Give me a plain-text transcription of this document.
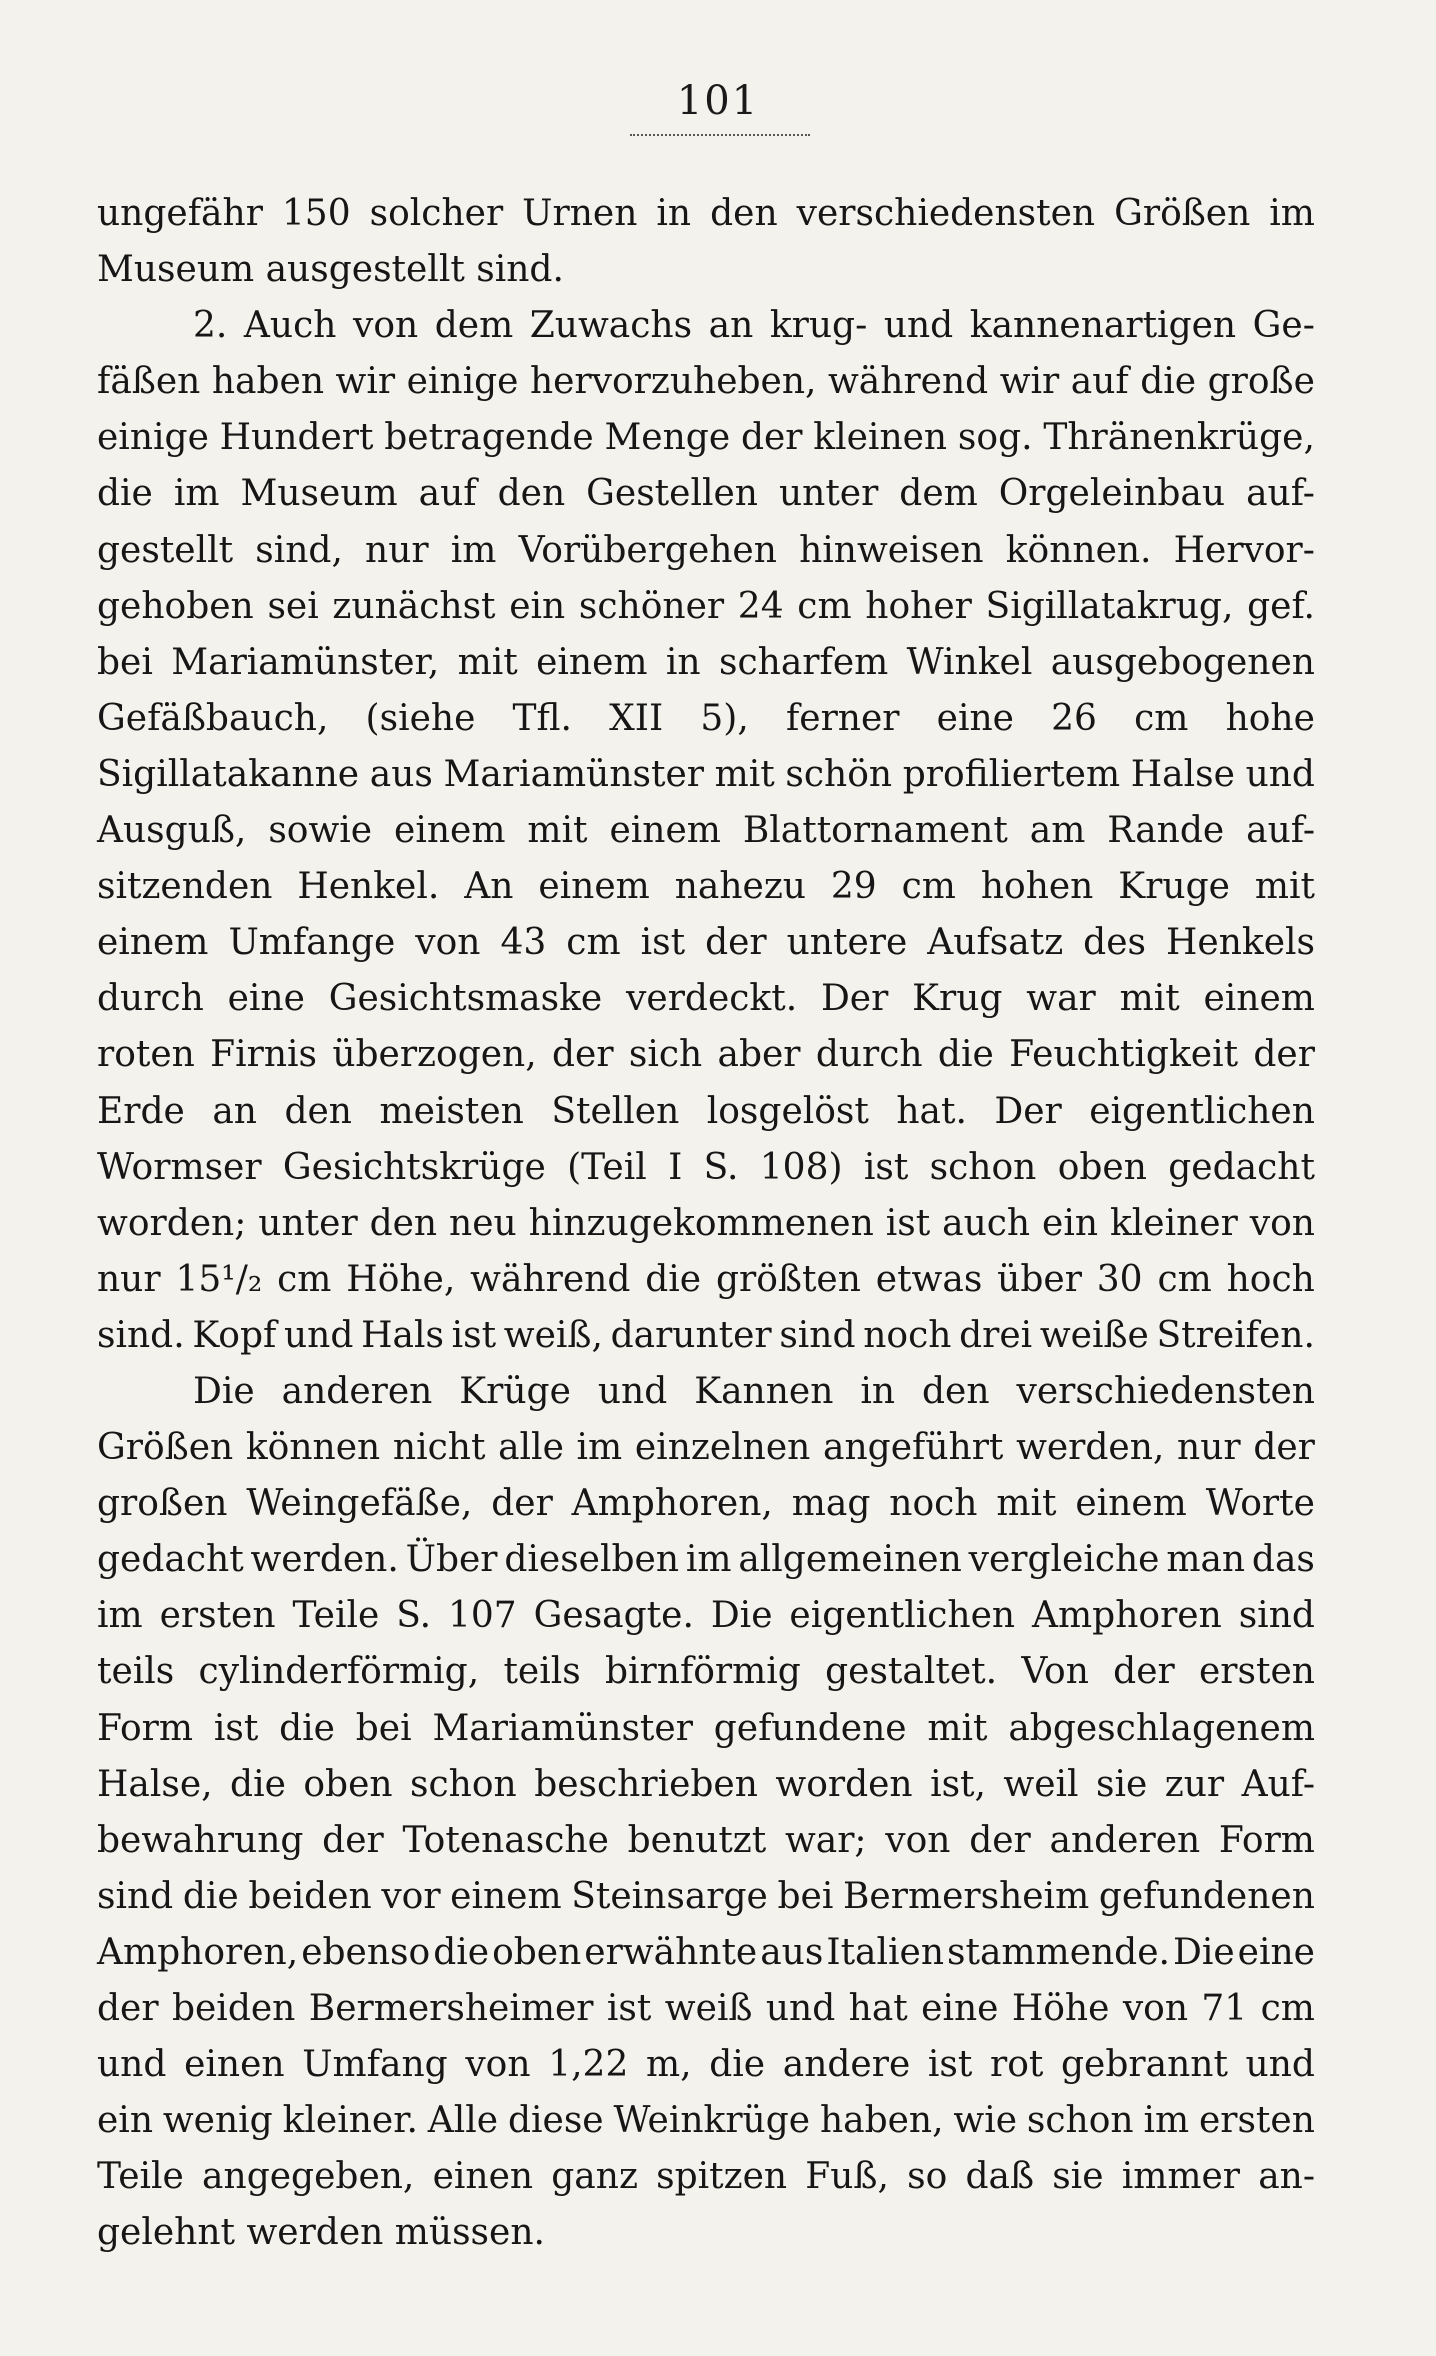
101
ungefähr 150 solcher Urnen in den verschiedensten Größen im
Museum ausgestellt sind.
2. Auch von dem Zuwachs an krug- und kannenartigen Ge-
fäßen haben wir einige hervorzuheben, während wir auf die große
einige Hundert betragende Menge der kleinen sog. Thränenkrüge,
die im Museum auf den Gestellen unter dem Orgeleinbau auf-
gestellt sind, nur im Vorübergehen hinweisen können. Hervor-
gehoben sei zunächst ein schöner 24 cm hoher Sigillatakrug, gef.
bei Mariamünster, mit einem in scharfem Winkel ausgebogenen
Gefäßbauch, (siehe Tfl. XII 5), ferner eine 26 cm hohe
Sigillatakanne aus Mariamünster mit schön profiliertem Halse und
Ausguß, sowie einem mit einem Blattornament am Rande auf-
sitzenden Henkel. An einem nahezu 29 cm hohen Kruge mit
einem Umfange von 43 cm ist der untere Aufsatz des Henkels
durch eine Gesichtsmaske verdeckt. Der Krug war mit einem
roten Firnis überzogen, der sich aber durch die Feuchtigkeit der
Erde an den meisten Stellen losgelöst hat. Der eigentlichen
Wormser Gesichtskrüge (Teil I S. 108) ist schon oben gedacht
worden; unter den neu hinzugekommenen ist auch ein kleiner von
nur 15¹/₂ cm Höhe, während die größten etwas über 30 cm hoch
sind. Kopf und Hals ist weiß, darunter sind noch drei weiße Streifen.
Die anderen Krüge und Kannen in den verschiedensten
Größen können nicht alle im einzelnen angeführt werden, nur der
großen Weingefäße, der Amphoren, mag noch mit einem Worte
gedacht werden. Über dieselben im allgemeinen vergleiche man das
im ersten Teile S. 107 Gesagte. Die eigentlichen Amphoren sind
teils cylinderförmig, teils birnförmig gestaltet. Von der ersten
Form ist die bei Mariamünster gefundene mit abgeschlagenem
Halse, die oben schon beschrieben worden ist, weil sie zur Auf-
bewahrung der Totenasche benutzt war; von der anderen Form
sind die beiden vor einem Steinsarge bei Bermersheim gefundenen
Amphoren, ebenso die oben erwähnte aus Italien stammende. Die eine
der beiden Bermersheimer ist weiß und hat eine Höhe von 71 cm
und einen Umfang von 1,22 m, die andere ist rot gebrannt und
ein wenig kleiner. Alle diese Weinkrüge haben, wie schon im ersten
Teile angegeben, einen ganz spitzen Fuß, so daß sie immer an-
gelehnt werden müssen.
